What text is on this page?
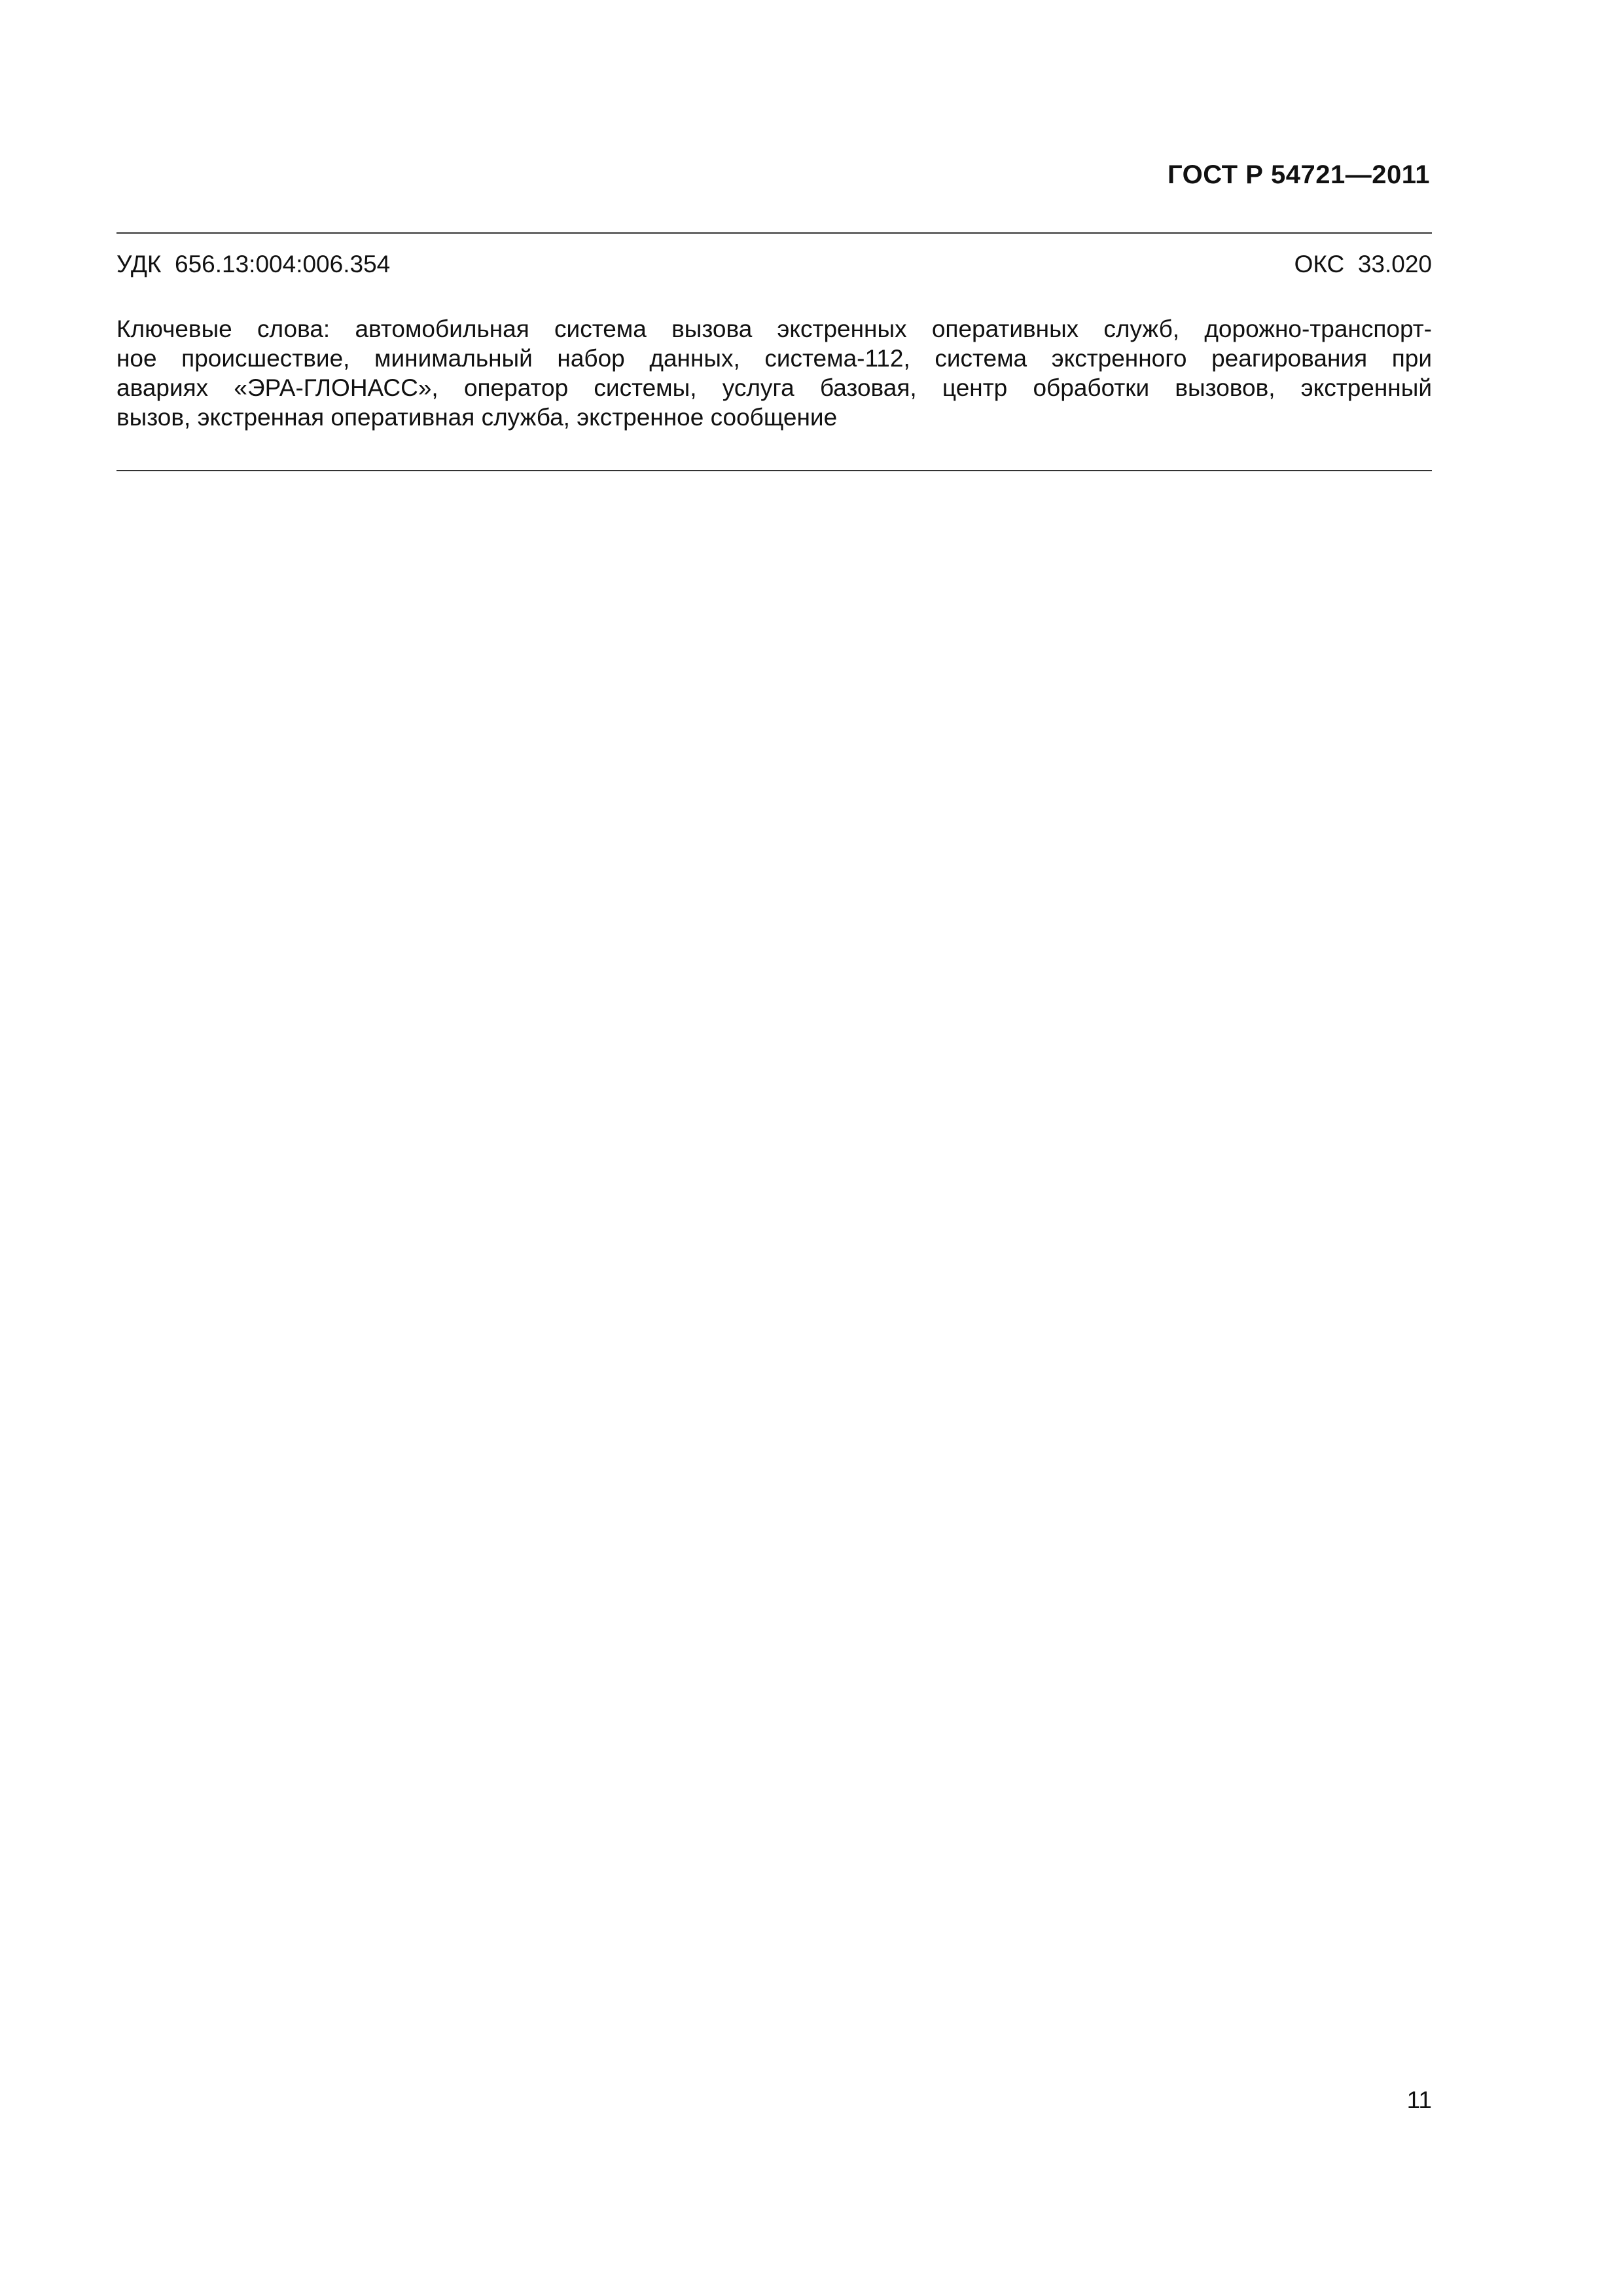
ГОСТ Р 54721—2011
УДК  656.13:004:006.354	ОКС  33.020
Ключевые слова: автомобильная система вызова экстренных оперативных служб, дорожно-транспорт-
ное происшествие, минимальный набор данных, система-112, система экстренного реагирования при
авариях «ЭРА-ГЛОНАСС», оператор системы, услуга базовая, центр обработки вызовов, экстренный
вызов, экстренная оперативная служба, экстренное сообщение
11
